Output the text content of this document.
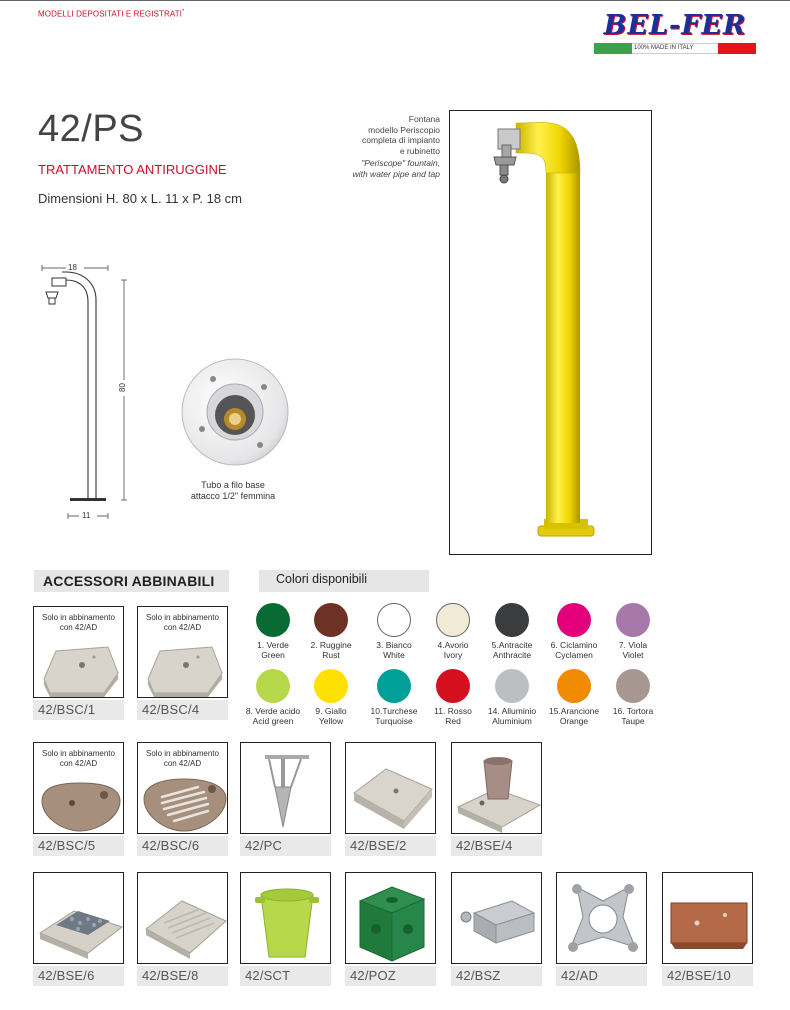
MODELLI DEPOSITATI E REGISTRATI*	BEL-FER
100% MADE IN ITALY
42/PS
TRATTAMENTO ANTIRUGGINE
Dimensioni H. 80 x L. 11 x P. 18 cm
Fontana
modello Periscopio
completa di impianto
e rubinetto
"Periscope" fountain,
with water pipe and tap
18
80
11
Tubo a filo base
attacco 1/2" femmina
ACCESSORI ABBINABILI	Colori disponibili
1. Verde
Green
2. Ruggine
Rust
3. Bianco
White
4.Avorio
Ivory
5.Antracite
Anthracite
6. Ciclamino
Cyclamen
7. Viola
Violet
8. Verde acido
Acid green
9. Giallo
Yellow
10.Turchese
Turquoise
11. Rosso
Red
14. Alluminio
Aluminium
15.Arancione
Orange
16. Tortora
Taupe
Solo in abbinamento
con 42/AD
42/BSC/1
Solo in abbinamento
con 42/AD
42/BSC/4
Solo in abbinamento
con 42/AD
42/BSC/5
Solo in abbinamento
con 42/AD
42/BSC/6	42/PC	42/BSE/2	42/BSE/4
42/BSE/6	42/BSE/8	42/SCT	42/POZ	42/BSZ	42/AD	42/BSE/10
